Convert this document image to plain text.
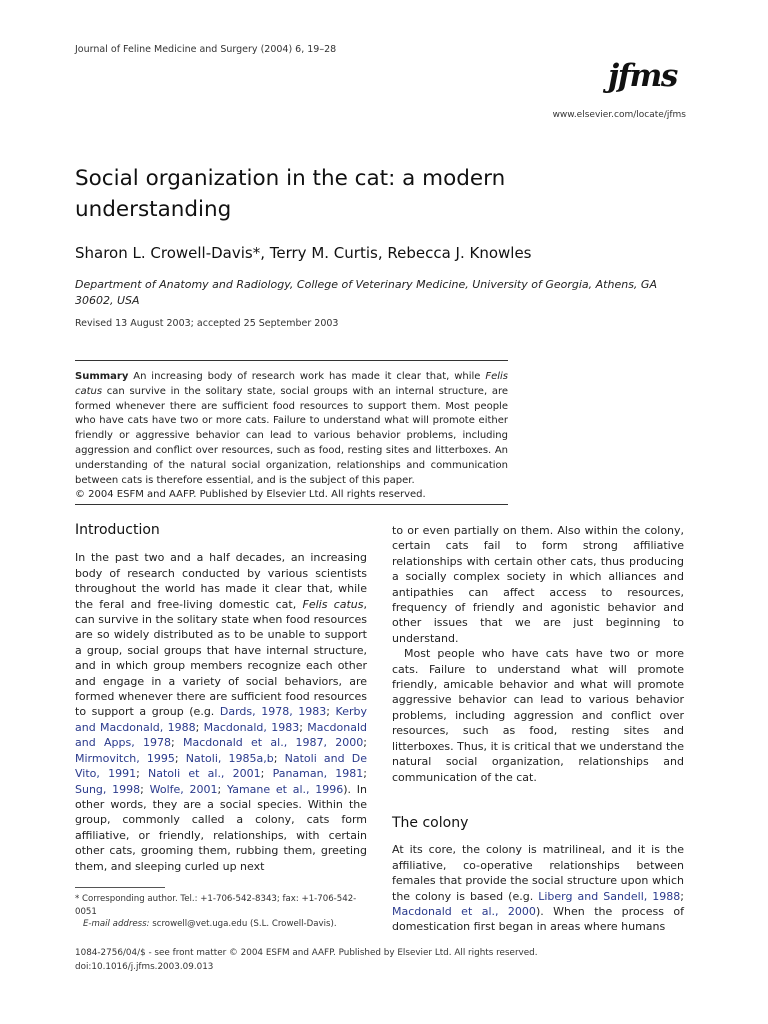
Journal of Feline Medicine and Surgery (2004) 6, 19–28
jfms
www.elsevier.com/locate/jfms
Social organization in the cat: a modern
understanding
Sharon L. Crowell-Davis*, Terry M. Curtis, Rebecca J. Knowles
Department of Anatomy and Radiology, College of Veterinary Medicine, University of Georgia, Athens, GA 30602, USA
Revised 13 August 2003; accepted 25 September 2003

Summary An increasing body of research work has made it clear that, while Felis catus can survive in the solitary state, social groups with an internal structure, are formed whenever there are sufficient food resources to support them. Most people who have cats have two or more cats. Failure to understand what will promote either friendly or aggressive behavior can lead to various behavior problems, including aggression and conflict over resources, such as food, resting sites and litterboxes. An understanding of the natural social organization, relationships and communication between cats is therefore essential, and is the subject of this paper.

© 2004 ESFM and AAFP. Published by Elsevier Ltd. All rights reserved.

Introduction

In the past two and a half decades, an increasing body of research conducted by various scientists throughout the world has made it clear that, while the feral and free-living domestic cat, Felis catus, can survive in the solitary state when food resources are so widely distributed as to be unable to support a group, social groups that have internal structure, and in which group members recognize each other and engage in a variety of social behaviors, are formed whenever there are sufficient food resources to support a group (e.g. Dards, 1978, 1983; Kerby and Macdonald, 1988; Macdonald, 1983; Macdonald and Apps, 1978; Macdonald et al., 1987, 2000; Mirmovitch, 1995; Natoli, 1985a,b; Natoli and De Vito, 1991; Natoli et al., 2001; Panaman, 1981; Sung, 1998; Wolfe, 2001; Yamane et al., 1996). In other words, they are a social species. Within the group, commonly called a colony, cats form affiliative, or friendly, relationships, with certain other cats, grooming them, rubbing them, greeting them, and sleeping curled up next

to or even partially on them. Also within the colony, certain cats fail to form strong affiliative relationships with certain other cats, thus producing a socially complex society in which alliances and antipathies can affect access to resources, frequency of friendly and agonistic behavior and other issues that we are just beginning to understand.

Most people who have cats have two or more cats. Failure to understand what will promote friendly, amicable behavior and what will promote aggressive behavior can lead to various behavior problems, including aggression and conflict over resources, such as food, resting sites and litterboxes. Thus, it is critical that we understand the natural social organization, relationships and communication of the cat.

The colony

At its core, the colony is matrilineal, and it is the affiliative, co-operative relationships between females that provide the social structure upon which the colony is based (e.g. Liberg and Sandell, 1988; Macdonald et al., 2000). When the process of domestication first began in areas where humans

* Corresponding author. Tel.: +1-706-542-8343; fax: +1-706-542-0051

E-mail address: scrowell@vet.uga.edu (S.L. Crowell-Davis).

1084-2756/04/$ - see front matter © 2004 ESFM and AAFP. Published by Elsevier Ltd. All rights reserved.

doi:10.1016/j.jfms.2003.09.013
